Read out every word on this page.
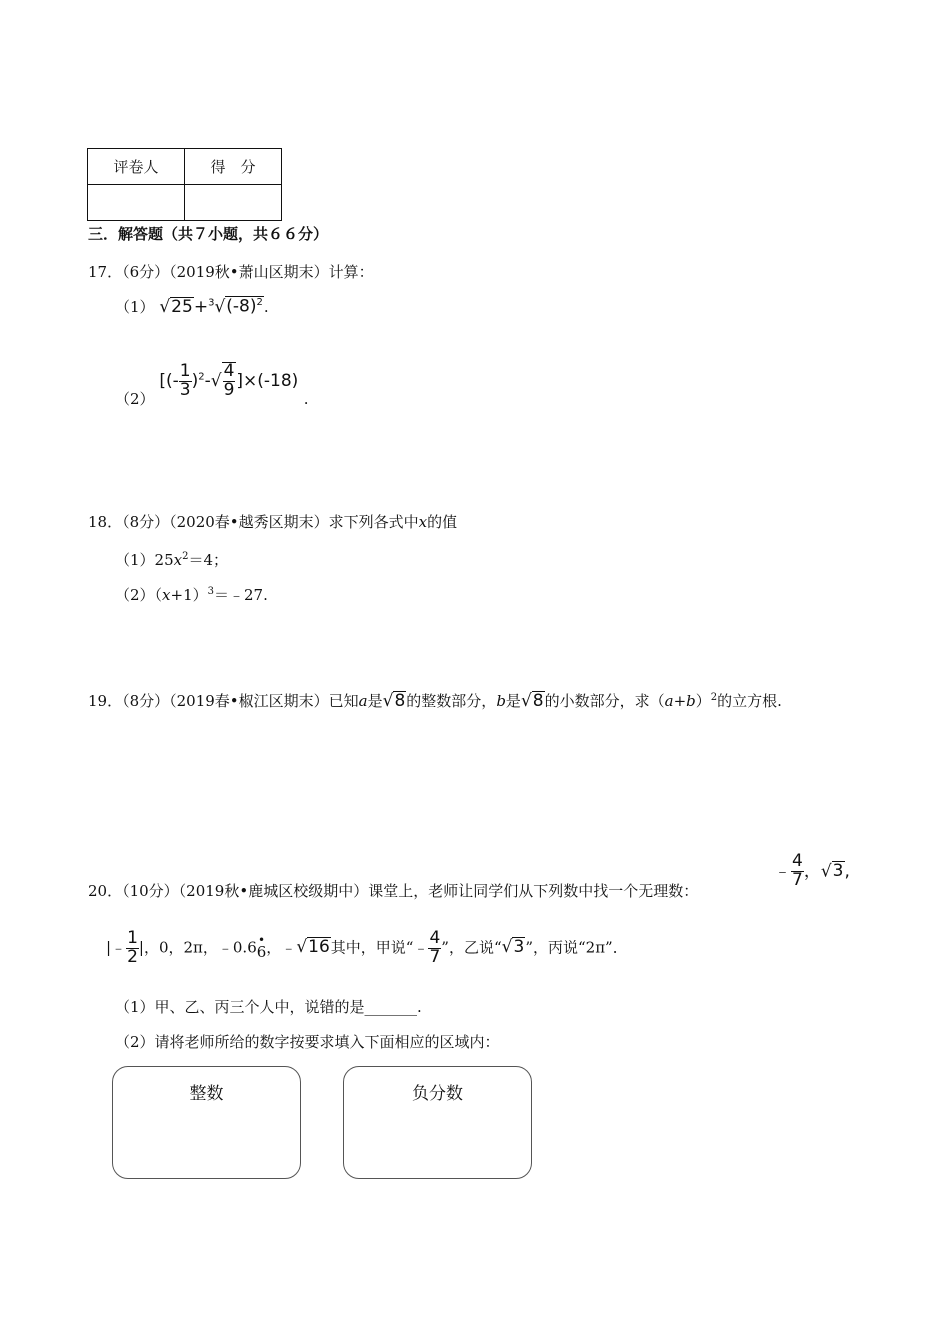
评卷人	得　分

三．解答题（共７小题，共６６分）
17．（6分）（2019秋•萧山区期末）计算：
（1） $√25+^3√(-8)^2$.
（2） [(- $\frac{1}{3} )^2-√ \frac{4}{9} ]\times(-18)$ .
18．（8分）（2020春•越秀区期末）求下列各式中x的值
$(1)25x^2=4$；
$(2)(x+1)^3=﹣27$.
19．（8分）（2019春•椒江区期末）已知a是√8的整数部分，b是√8的小数部分，求$(a+b)^2$的立方根.
20．（10分）（2019秋•鹿城区校级期中）课堂上，老师让同学们从下列数中找一个无理数：
﹣ $\frac{4}{7}$ ，√3,
|﹣ $\frac{1}{2}$ |，0，2π，﹣0.6 •
6 ，﹣√16其中，甲说“﹣ $\frac{4}{7}$ ”，乙说“√3”，丙说“2π”．
（1）甲、乙、丙三个人中，说错的是_______.
（2）请将老师所给的数字按要求填入下面相应的区域内：
整数	负分数
